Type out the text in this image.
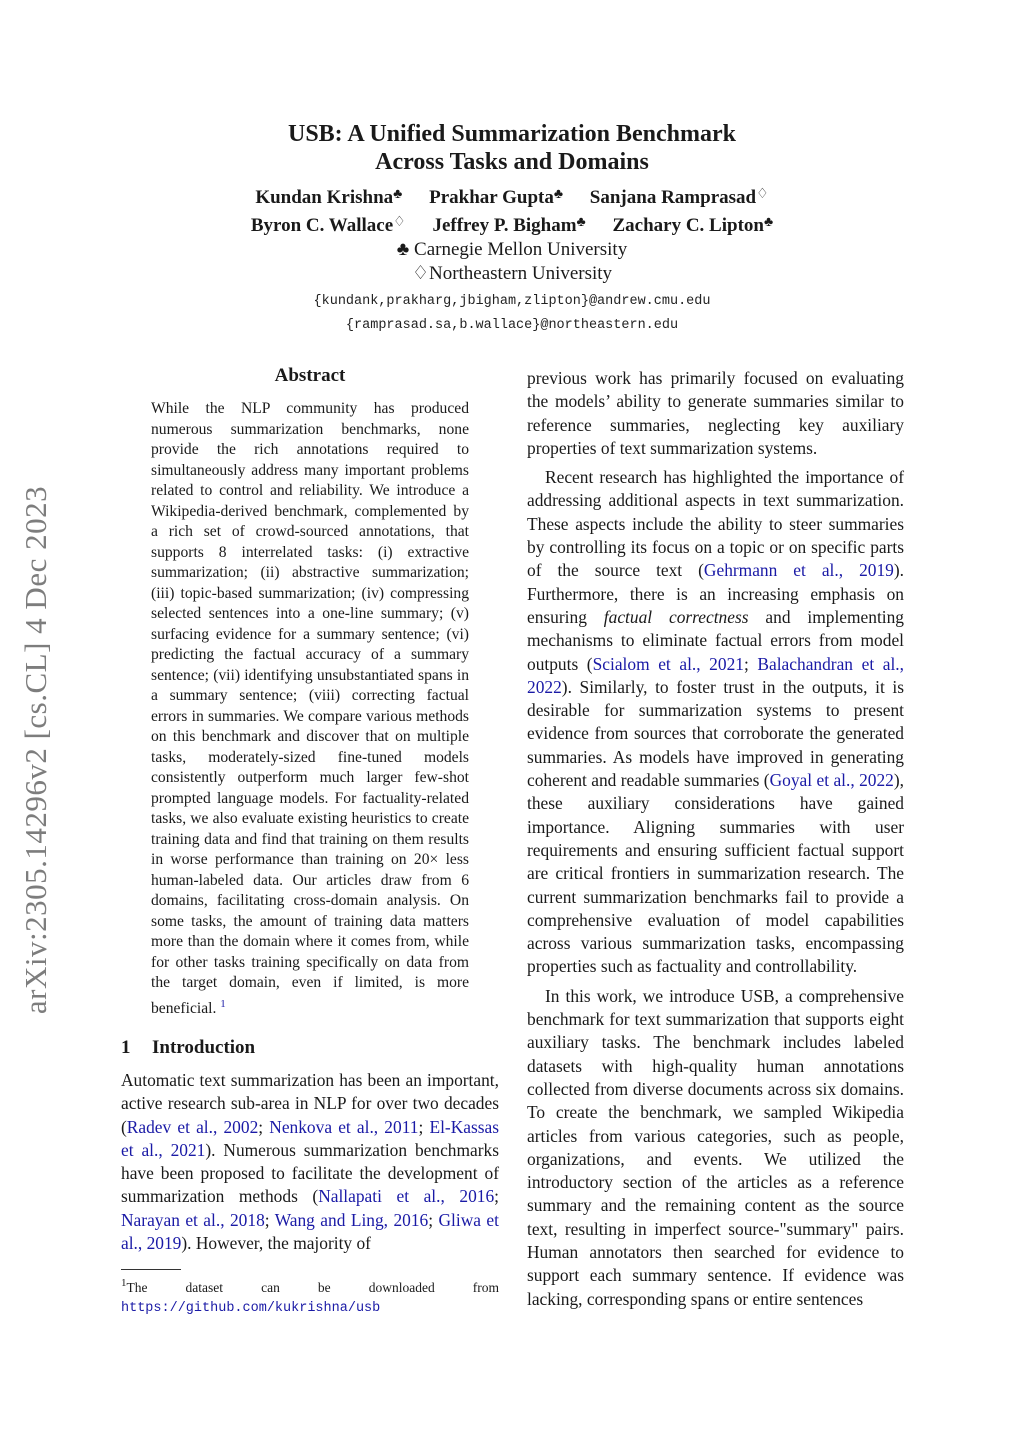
arXiv:2305.14296v2 [cs.CL] 4 Dec 2023
USB: A Unified Summarization Benchmark
Across Tasks and Domains
Kundan Krishna♣ Prakhar Gupta♣ Sanjana Ramprasad♢
Byron C. Wallace♢ Jeffrey P. Bigham♣ Zachary C. Lipton♣
♣ Carnegie Mellon University
♢Northeastern University
{kundank,prakharg,jbigham,zlipton}@andrew.cmu.edu
{ramprasad.sa,b.wallace}@northeastern.edu
Abstract
While the NLP community has produced numerous summarization benchmarks, none provide the rich annotations required to simultaneously address many important problems related to control and reliability. We introduce a Wikipedia-derived benchmark, complemented by a rich set of crowd-sourced annotations, that supports 8 interrelated tasks: (i) extractive summarization; (ii) abstractive summarization; (iii) topic-based summarization; (iv) compressing selected sentences into a one-line summary; (v) surfacing evidence for a summary sentence; (vi) predicting the factual accuracy of a summary sentence; (vii) identifying unsubstantiated spans in a summary sentence; (viii) correcting factual errors in summaries. We compare various methods on this benchmark and discover that on multiple tasks, moderately-sized fine-tuned models consistently outperform much larger few-shot prompted language models. For factuality-related tasks, we also evaluate existing heuristics to create training data and find that training on them results in worse performance than training on 20× less human-labeled data. Our articles draw from 6 domains, facilitating cross-domain analysis. On some tasks, the amount of training data matters more than the domain where it comes from, while for other tasks training specifically on data from the target domain, even if limited, is more beneficial. $^1$
1 Introduction

Automatic text summarization has been an important, active research sub-area in NLP for over two decades (Radev et al., 2002; Nenkova et al., 2011; El-Kassas et al., 2021). Numerous summarization benchmarks have been proposed to facilitate the development of summarization methods (Nallapati et al., 2016; Narayan et al., 2018; Wang and Ling, 2016; Gliwa et al., 2019). However, the majority of

$^1$The dataset can be downloaded from https://github.com/kukrishna/usb

previous work has primarily focused on evaluating the models’ ability to generate summaries similar to reference summaries, neglecting key auxiliary properties of text summarization systems.

Recent research has highlighted the importance of addressing additional aspects in text summarization. These aspects include the ability to steer summaries by controlling its focus on a topic or on specific parts of the source text (Gehrmann et al., 2019). Furthermore, there is an increasing emphasis on ensuring factual correctness and implementing mechanisms to eliminate factual errors from model outputs (Scialom et al., 2021; Balachandran et al., 2022). Similarly, to foster trust in the outputs, it is desirable for summarization systems to present evidence from sources that corroborate the generated summaries. As models have improved in generating coherent and readable summaries (Goyal et al., 2022), these auxiliary considerations have gained importance. Aligning summaries with user requirements and ensuring sufficient factual support are critical frontiers in summarization research. The current summarization benchmarks fail to provide a comprehensive evaluation of model capabilities across various summarization tasks, encompassing properties such as factuality and controllability.

In this work, we introduce USB, a comprehensive benchmark for text summarization that supports eight auxiliary tasks. The benchmark includes labeled datasets with high-quality human annotations collected from diverse documents across six domains. To create the benchmark, we sampled Wikipedia articles from various categories, such as people, organizations, and events. We utilized the introductory section of the articles as a reference summary and the remaining content as the source text, resulting in imperfect source-"summary" pairs. Human annotators then searched for evidence to support each summary sentence. If evidence was lacking, corresponding spans or entire sentences
